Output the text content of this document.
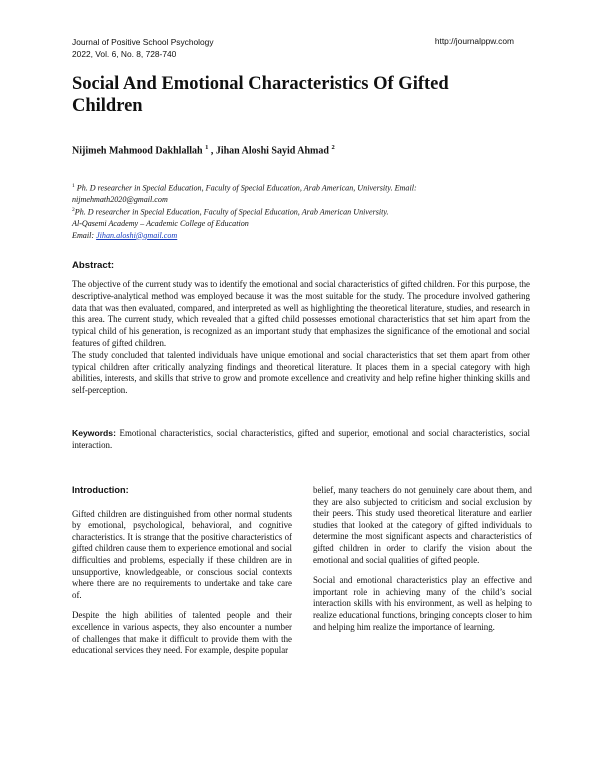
Journal of Positive School Psychology
2022, Vol. 6, No. 8, 728-740
http://journalppw.com
Social And Emotional Characteristics Of Gifted Children
Nijimeh Mahmood Dakhlallah $^1$ , Jihan Aloshi Sayid Ahmad $^2$
$^1$ Ph. D researcher in Special Education, Faculty of Special Education, Arab American, University. Email:
nijmehmath2020@gmail.com
$^2$Ph. D researcher in Special Education, Faculty of Special Education, Arab American University.
Al-Qasemi Academy – Academic College of Education
Email: Jihan.aloshi@gmail.com
Abstract:

The objective of the current study was to identify the emotional and social characteristics of gifted children. For this purpose, the descriptive-analytical method was employed because it was the most suitable for the study. The procedure involved gathering data that was then evaluated, compared, and interpreted as well as highlighting the theoretical literature, studies, and research in this area. The current study, which revealed that a gifted child possesses emotional characteristics that set him apart from the typical child of his generation, is recognized as an important study that emphasizes the significance of the emotional and social features of gifted children.

The study concluded that talented individuals have unique emotional and social characteristics that set them apart from other typical children after critically analyzing findings and theoretical literature. It places them in a special category with high abilities, interests, and skills that strive to grow and promote excellence and creativity and help refine higher thinking skills and self-perception.

Keywords: Emotional characteristics, social characteristics, gifted and superior, emotional and social characteristics, social interaction.
Introduction:

Gifted children are distinguished from other normal students by emotional, psychological, behavioral, and cognitive characteristics. It is strange that the positive characteristics of gifted children cause them to experience emotional and social difficulties and problems, especially if these children are in unsupportive, knowledgeable, or conscious social contexts where there are no requirements to undertake and take care of.

Despite the high abilities of talented people and their excellence in various aspects, they also encounter a number of challenges that make it difficult to provide them with the educational services they need. For example, despite popular

belief, many teachers do not genuinely care about them, and they are also subjected to criticism and social exclusion by their peers. This study used theoretical literature and earlier studies that looked at the category of gifted individuals to determine the most significant aspects and characteristics of gifted children in order to clarify the vision about the emotional and social qualities of gifted people.

Social and emotional characteristics play an effective and important role in achieving many of the child’s social interaction skills with his environment, as well as helping to realize educational functions, bringing concepts closer to him and helping him realize the importance of learning.
